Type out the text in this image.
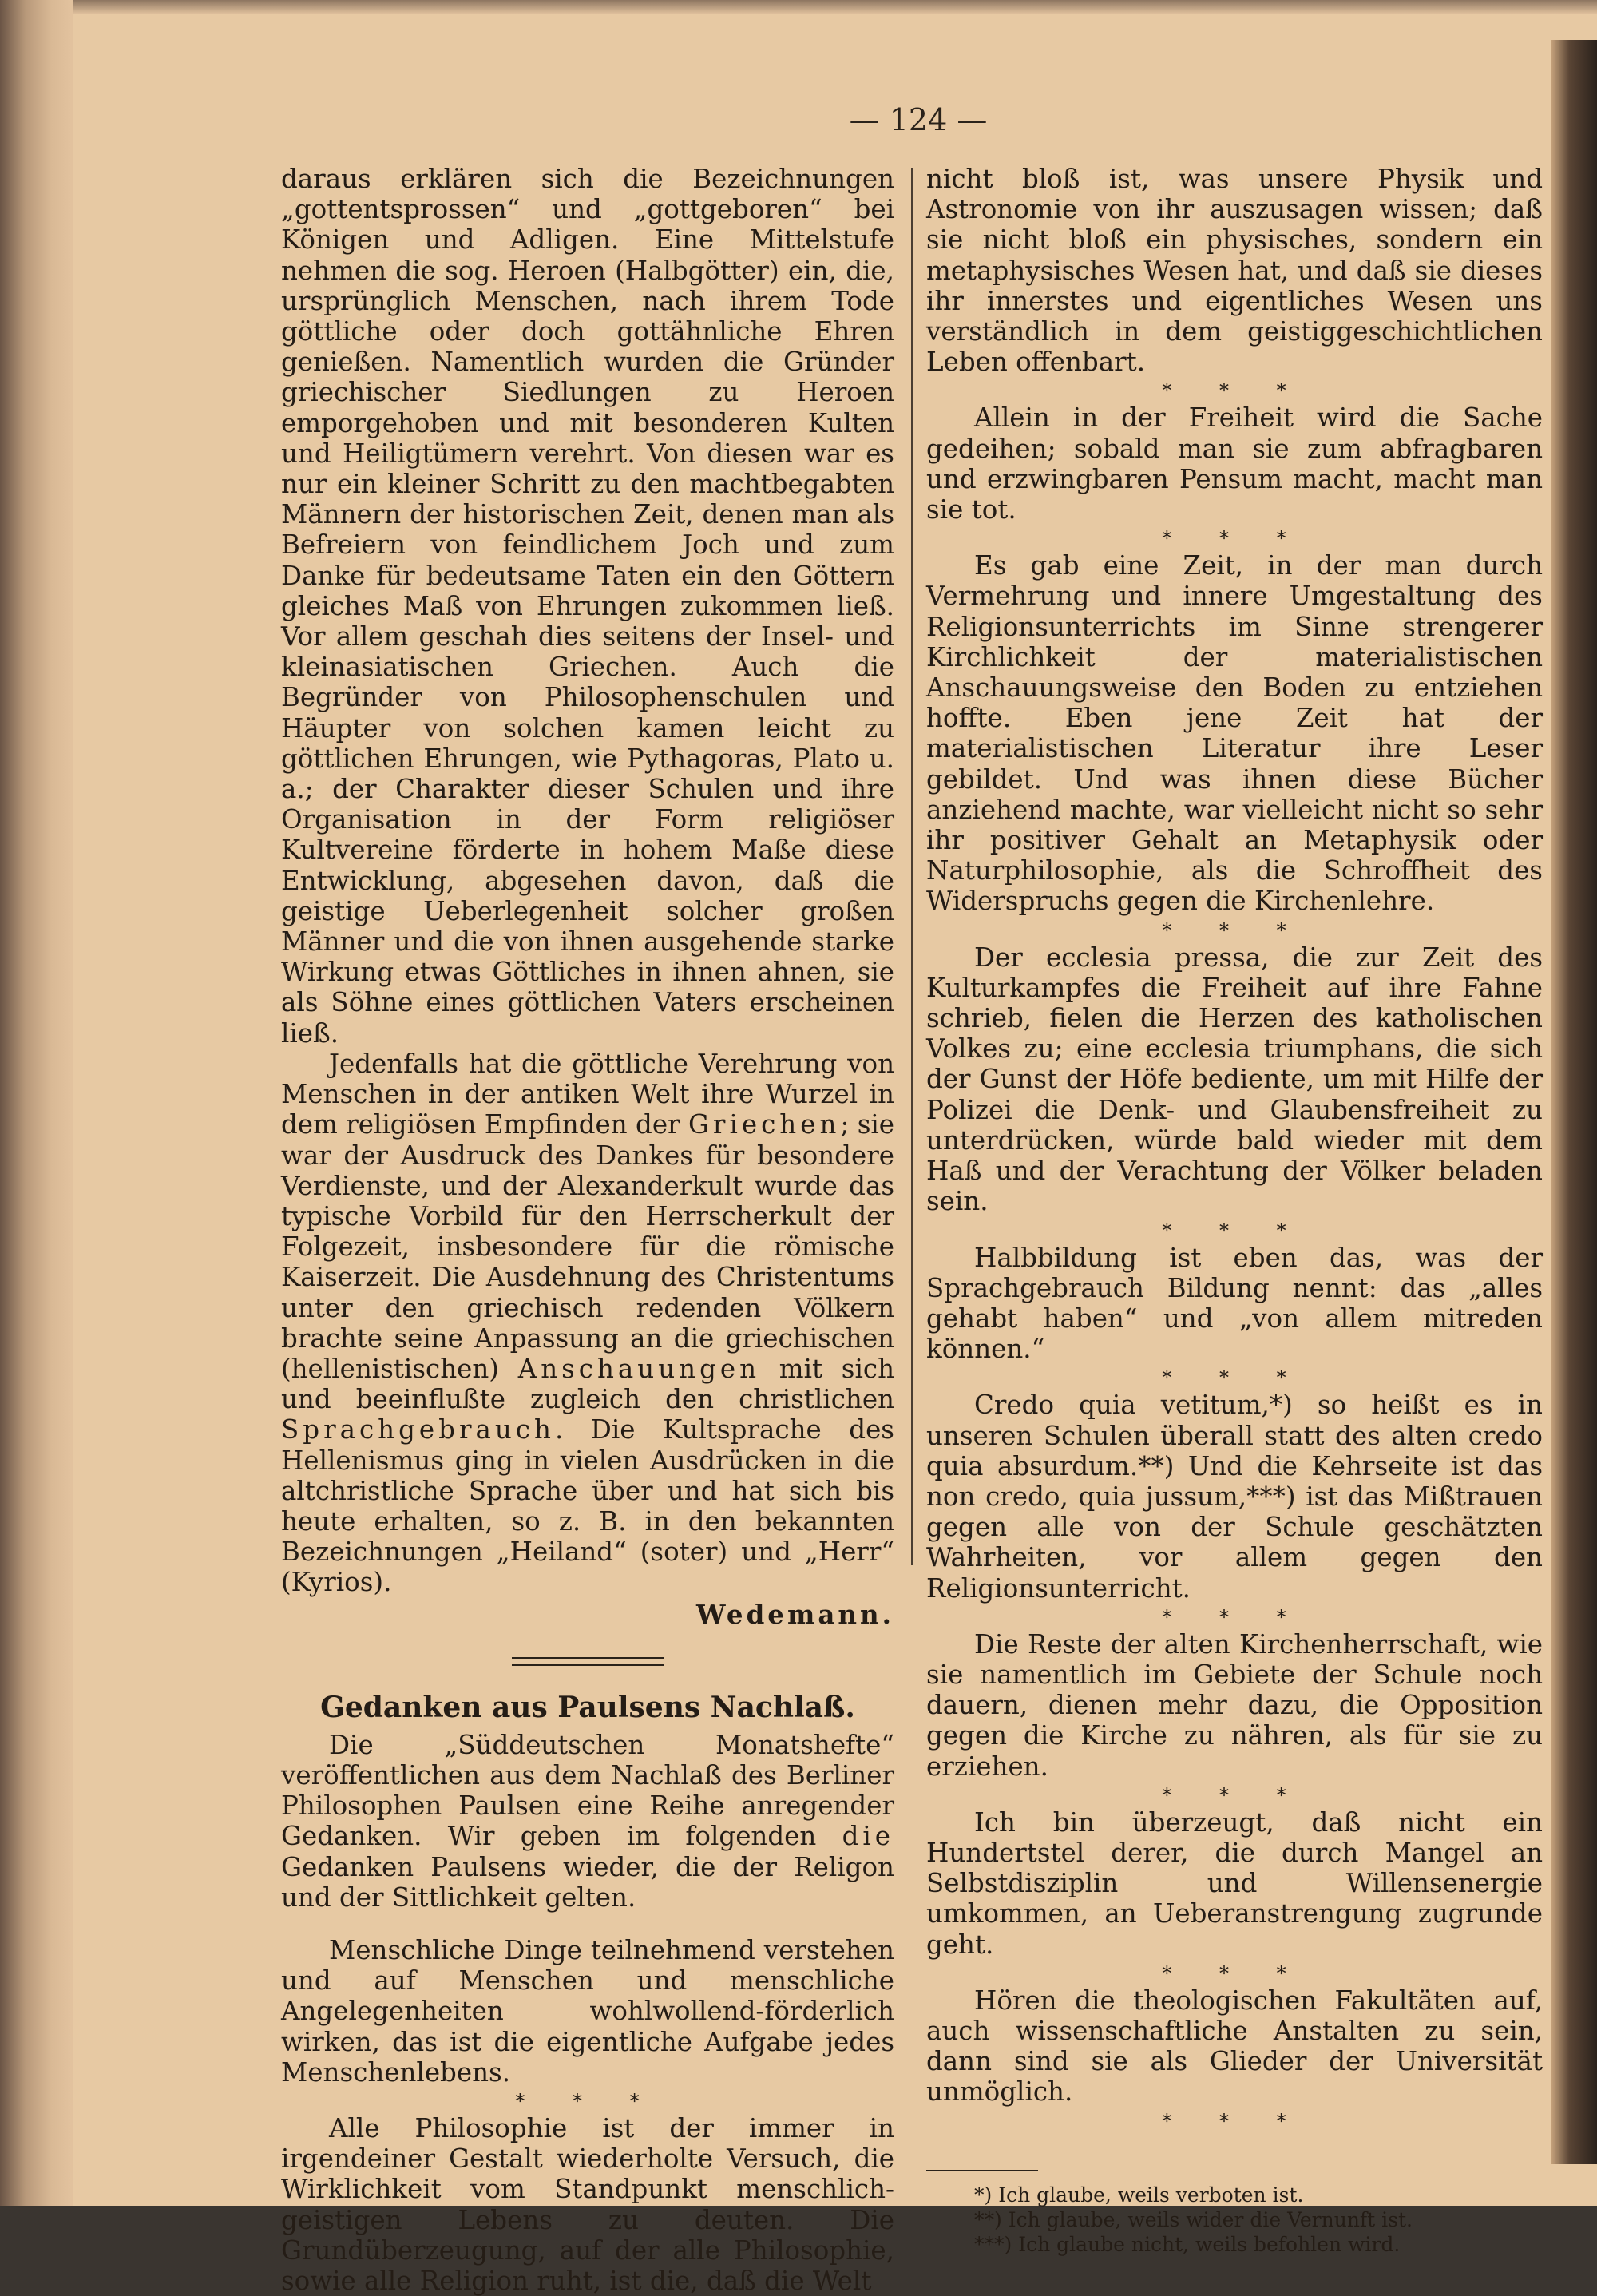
— 124 —

daraus erklären sich die Bezeichnungen „gottentsprossen“ und „gottgeboren“ bei Königen und Adligen. Eine Mittelstufe nehmen die sog. Heroen (Halbgötter) ein, die, ursprünglich Menschen, nach ihrem Tode göttliche oder doch gottähnliche Ehren genießen. Namentlich wurden die Gründer griechischer Siedlungen zu Heroen emporgehoben und mit besonderen Kulten und Heiligtümern verehrt. Von diesen war es nur ein kleiner Schritt zu den machtbegabten Männern der historischen Zeit, denen man als Befreiern von feindlichem Joch und zum Danke für bedeutsame Taten ein den Göttern gleiches Maß von Ehrungen zukommen ließ. Vor allem geschah dies seitens der Insel- und kleinasiatischen Griechen. Auch die Begründer von Philosophenschulen und Häupter von solchen kamen leicht zu göttlichen Ehrungen, wie Pythagoras, Plato u. a.; der Charakter dieser Schulen und ihre Organisation in der Form religiöser Kultvereine förderte in hohem Maße diese Entwicklung, abgesehen davon, daß die geistige Ueberlegenheit solcher großen Männer und die von ihnen ausgehende starke Wirkung etwas Göttliches in ihnen ahnen, sie als Söhne eines göttlichen Vaters erscheinen ließ.

Jedenfalls hat die göttliche Verehrung von Menschen in der antiken Welt ihre Wurzel in dem religiösen Empfinden der Griechen; sie war der Ausdruck des Dankes für besondere Verdienste, und der Alexanderkult wurde das typische Vorbild für den Herrscherkult der Folgezeit, insbesondere für die römische Kaiserzeit. Die Ausdehnung des Christentums unter den griechisch redenden Völkern brachte seine Anpassung an die griechischen (hellenistischen) Anschauungen mit sich und beeinflußte zugleich den christlichen Sprachgebrauch. Die Kultsprache des Hellenismus ging in vielen Ausdrücken in die altchristliche Sprache über und hat sich bis heute erhalten, so z. B. in den bekannten Bezeichnungen „Heiland“ (soter) und „Herr“ (Kyrios).

Wedemann.

Gedanken aus Paulsens Nachlaß.

Die „Süddeutschen Monatshefte“ veröffentlichen aus dem Nachlaß des Berliner Philosophen Paulsen eine Reihe anregender Gedanken. Wir geben im folgenden die Gedanken Paulsens wieder, die der Religon und der Sittlichkeit gelten.

Menschliche Dinge teilnehmend verstehen und auf Menschen und menschliche Angelegenheiten wohlwollend-förderlich wirken, das ist die eigentliche Aufgabe jedes Menschenlebens.

* * *

Alle Philosophie ist der immer in irgendeiner Gestalt wiederholte Versuch, die Wirklichkeit vom Standpunkt menschlich-geistigen Lebens zu deuten. Die Grundüberzeugung, auf der alle Philosophie, sowie alle Religion ruht, ist die, daß die Welt

nicht bloß ist, was unsere Physik und Astronomie von ihr auszusagen wissen; daß sie nicht bloß ein physisches, sondern ein metaphysisches Wesen hat, und daß sie dieses ihr innerstes und eigentliches Wesen uns verständlich in dem geistiggeschichtlichen Leben offenbart.

* * *

Allein in der Freiheit wird die Sache gedeihen; sobald man sie zum abfragbaren und erzwingbaren Pensum macht, macht man sie tot.

* * *

Es gab eine Zeit, in der man durch Vermehrung und innere Umgestaltung des Religionsunterrichts im Sinne strengerer Kirchlichkeit der materialistischen Anschauungsweise den Boden zu entziehen hoffte. Eben jene Zeit hat der materialistischen Literatur ihre Leser gebildet. Und was ihnen diese Bücher anziehend machte, war vielleicht nicht so sehr ihr positiver Gehalt an Metaphysik oder Naturphilosophie, als die Schroffheit des Widerspruchs gegen die Kirchenlehre.

* * *

Der ecclesia pressa, die zur Zeit des Kulturkampfes die Freiheit auf ihre Fahne schrieb, fielen die Herzen des katholischen Volkes zu; eine ecclesia triumphans, die sich der Gunst der Höfe bediente, um mit Hilfe der Polizei die Denk- und Glaubensfreiheit zu unterdrücken, würde bald wieder mit dem Haß und der Verachtung der Völker beladen sein.

* * *

Halbbildung ist eben das, was der Sprachgebrauch Bildung nennt: das „alles gehabt haben“ und „von allem mitreden können.“

* * *

Credo quia vetitum,*) so heißt es in unseren Schulen überall statt des alten credo quia absurdum.**) Und die Kehrseite ist das non credo, quia jussum,***) ist das Mißtrauen gegen alle von der Schule geschätzten Wahrheiten, vor allem gegen den Religionsunterricht.

* * *

Die Reste der alten Kirchenherrschaft, wie sie namentlich im Gebiete der Schule noch dauern, dienen mehr dazu, die Opposition gegen die Kirche zu nähren, als für sie zu erziehen.

* * *

Ich bin überzeugt, daß nicht ein Hundertstel derer, die durch Mangel an Selbstdisziplin und Willensenergie umkommen, an Ueberanstrengung zugrunde geht.

* * *

Hören die theologischen Fakultäten auf, auch wissenschaftliche Anstalten zu sein, dann sind sie als Glieder der Universität unmöglich.

* * *

*) Ich glaube, weils verboten ist.

**) Ich glaube, weils wider die Vernunft ist.

***) Ich glaube nicht, weils befohlen wird.
